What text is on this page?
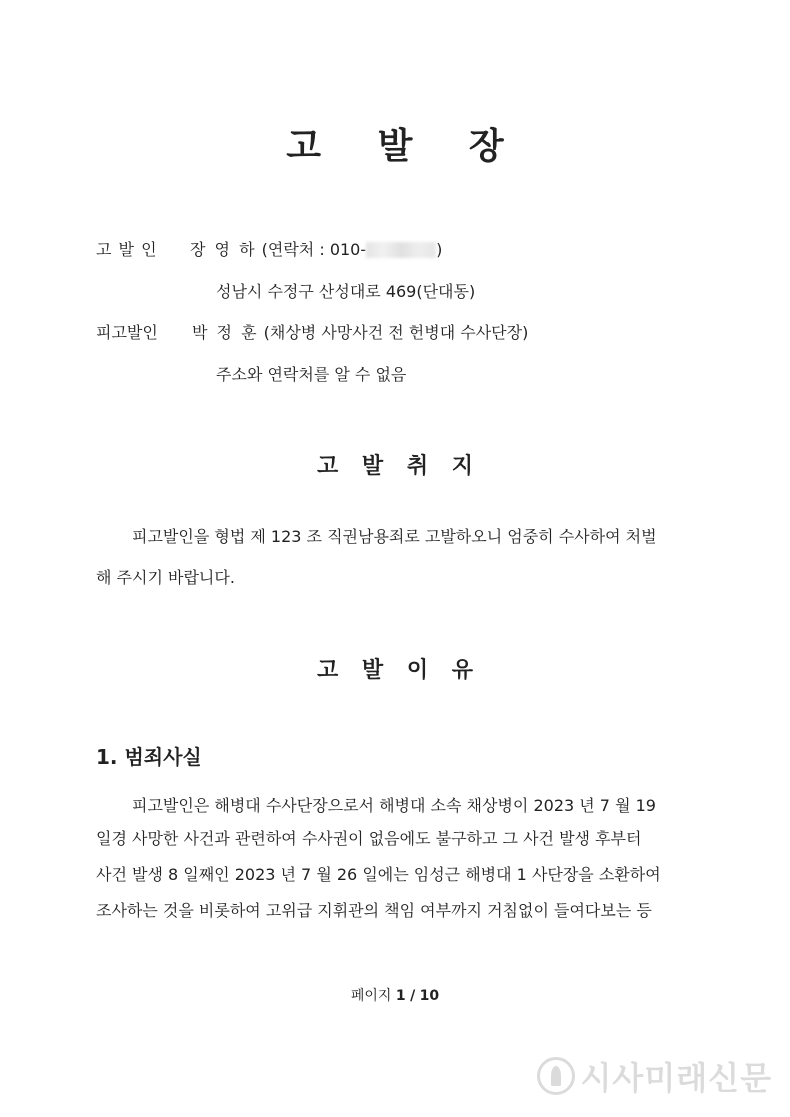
고 발 장
고 발 인 장 영 하 (연락처 : 010-	)
성남시 수정구 산성대로 469(단대동)
피고발인 박 정 훈 (채상병 사망사건 전 헌병대 수사단장)
주소와 연락처를 알 수 없음
고 발 취 지
피고발인을 형법 제 123 조 직권남용죄로 고발하오니 엄중히 수사하여 처벌
해 주시기 바랍니다.
고 발 이 유
1. 범죄사실
피고발인은 해병대 수사단장으로서 해병대 소속 채상병이 2023 년 7 월 19
일경 사망한 사건과 관련하여 수사권이 없음에도 불구하고 그 사건 발생 후부터
사건 발생 8 일째인 2023 년 7 월 26 일에는 임성근 해병대 1 사단장을 소환하여
조사하는 것을 비롯하여 고위급 지휘관의 책임 여부까지 거침없이 들여다보는 등
페이지 1 / 10
시사미래신문
